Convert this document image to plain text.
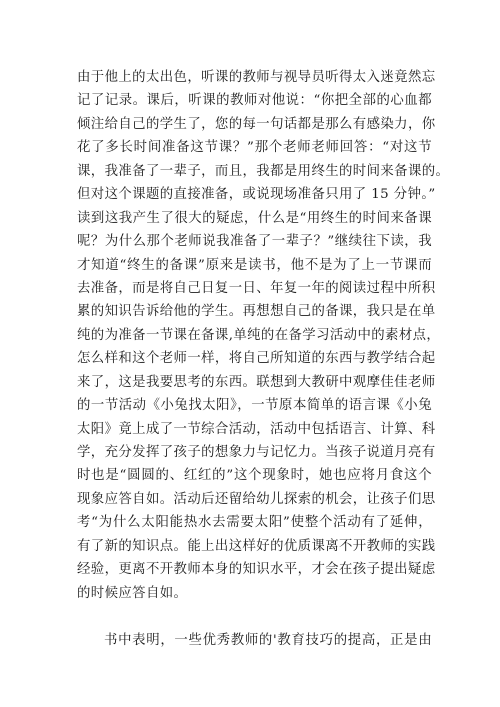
由于他上的太出色，听课的教师与视导员听得太入迷竟然忘
记了记录。课后，听课的教师对他说：“你把全部的心血都
倾注给自己的学生了，您的每一句话都是那么有感染力，你
花了多长时间准备这节课？”那个老师老师回答：“对这节
课，我准备了一辈子，而且，我都是用终生的时间来备课的。
但对这个课题的直接准备，或说现场准备只用了 15 分钟。”
读到这我产生了很大的疑虑，什么是“用终生的时间来备课
呢？为什么那个老师说我准备了一辈子？”继续往下读，我
才知道“终生的备课”原来是读书，他不是为了上一节课而
去准备，而是将自己日复一日、年复一年的阅读过程中所积
累的知识告诉给他的学生。再想想自己的备课，我只是在单
纯的为准备一节课在备课,单纯的在备学习活动中的素材点，
怎么样和这个老师一样，将自己所知道的东西与教学结合起
来了，这是我要思考的东西。联想到大教研中观摩佳佳老师
的一节活动《小兔找太阳》，一节原本简单的语言课《小兔
太阳》竟上成了一节综合活动，活动中包括语言、计算、科
学，充分发挥了孩子的想象力与记忆力。当孩子说道月亮有
时也是“圆圆的、红红的”这个现象时，她也应将月食这个
现象应答自如。活动后还留给幼儿探索的机会，让孩子们思
考“为什么太阳能热水去需要太阳”使整个活动有了延伸，
有了新的知识点。能上出这样好的优质课离不开教师的实践
经验，更离不开教师本身的知识水平，才会在孩子提出疑虑
的时候应答自如。
书中表明，一些优秀教师的'教育技巧的提高，正是由
